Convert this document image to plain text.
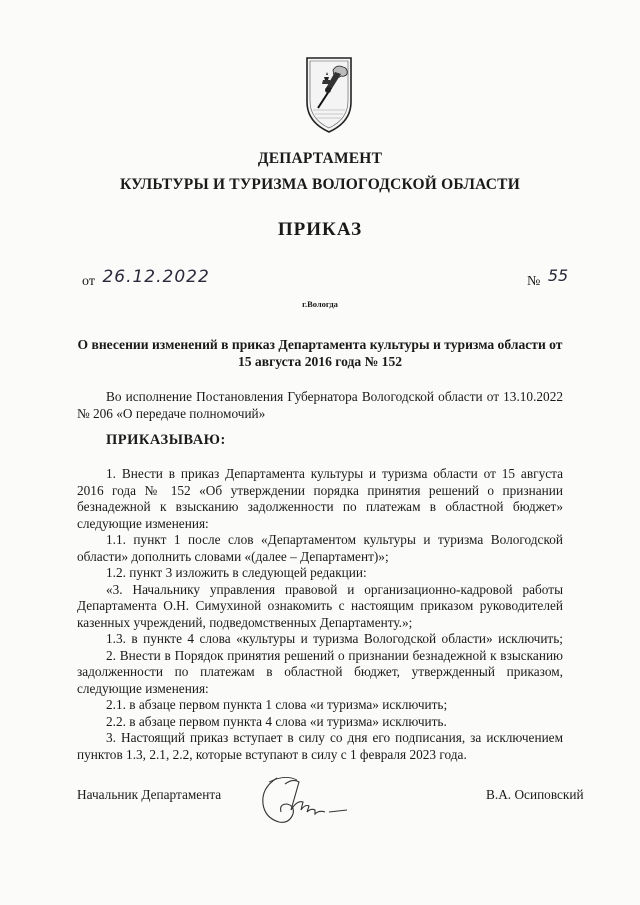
ДЕПАРТАМЕНТ
КУЛЬТУРЫ И ТУРИЗМА ВОЛОГОДСКОЙ ОБЛАСТИ
ПРИКАЗ
от 26.12.2022	№ 55
г.Вологда
О внесении изменений в приказ Департамента культуры и туризма области от
15 августа 2016 года № 152
Во исполнение Постановления Губернатора Вологодской области от 13.10.2022
№ 206 «О передаче полномочий»
ПРИКАЗЫВАЮ:
1. Внести в приказ Департамента культуры и туризма области от 15 августа
2016 года № 152 «Об утверждении порядка принятия решений о признании
безнадежной к взысканию задолженности по платежам в областной бюджет»
следующие изменения:
1.1. пункт 1 после слов «Департаментом культуры и туризма Вологодской
области» дополнить словами «(далее – Департамент)»;
1.2. пункт 3 изложить в следующей редакции:
«3. Начальнику управления правовой и организационно-кадровой работы
Департамента О.Н. Симухиной ознакомить с настоящим приказом руководителей
казенных учреждений, подведомственных Департаменту.»;
1.3. в пункте 4 слова «культуры и туризма Вологодской области» исключить;
2. Внести в Порядок принятия решений о признании безнадежной к взысканию
задолженности по платежам в областной бюджет, утвержденный приказом,
следующие изменения:
2.1. в абзаце первом пункта 1 слова «и туризма» исключить;
2.2. в абзаце первом пункта 4 слова «и туризма» исключить.
3. Настоящий приказ вступает в силу со дня его подписания, за исключением
пунктов 1.3, 2.1, 2.2, которые вступают в силу с 1 февраля 2023 года.
Начальник Департамента	В.А. Осиповский
